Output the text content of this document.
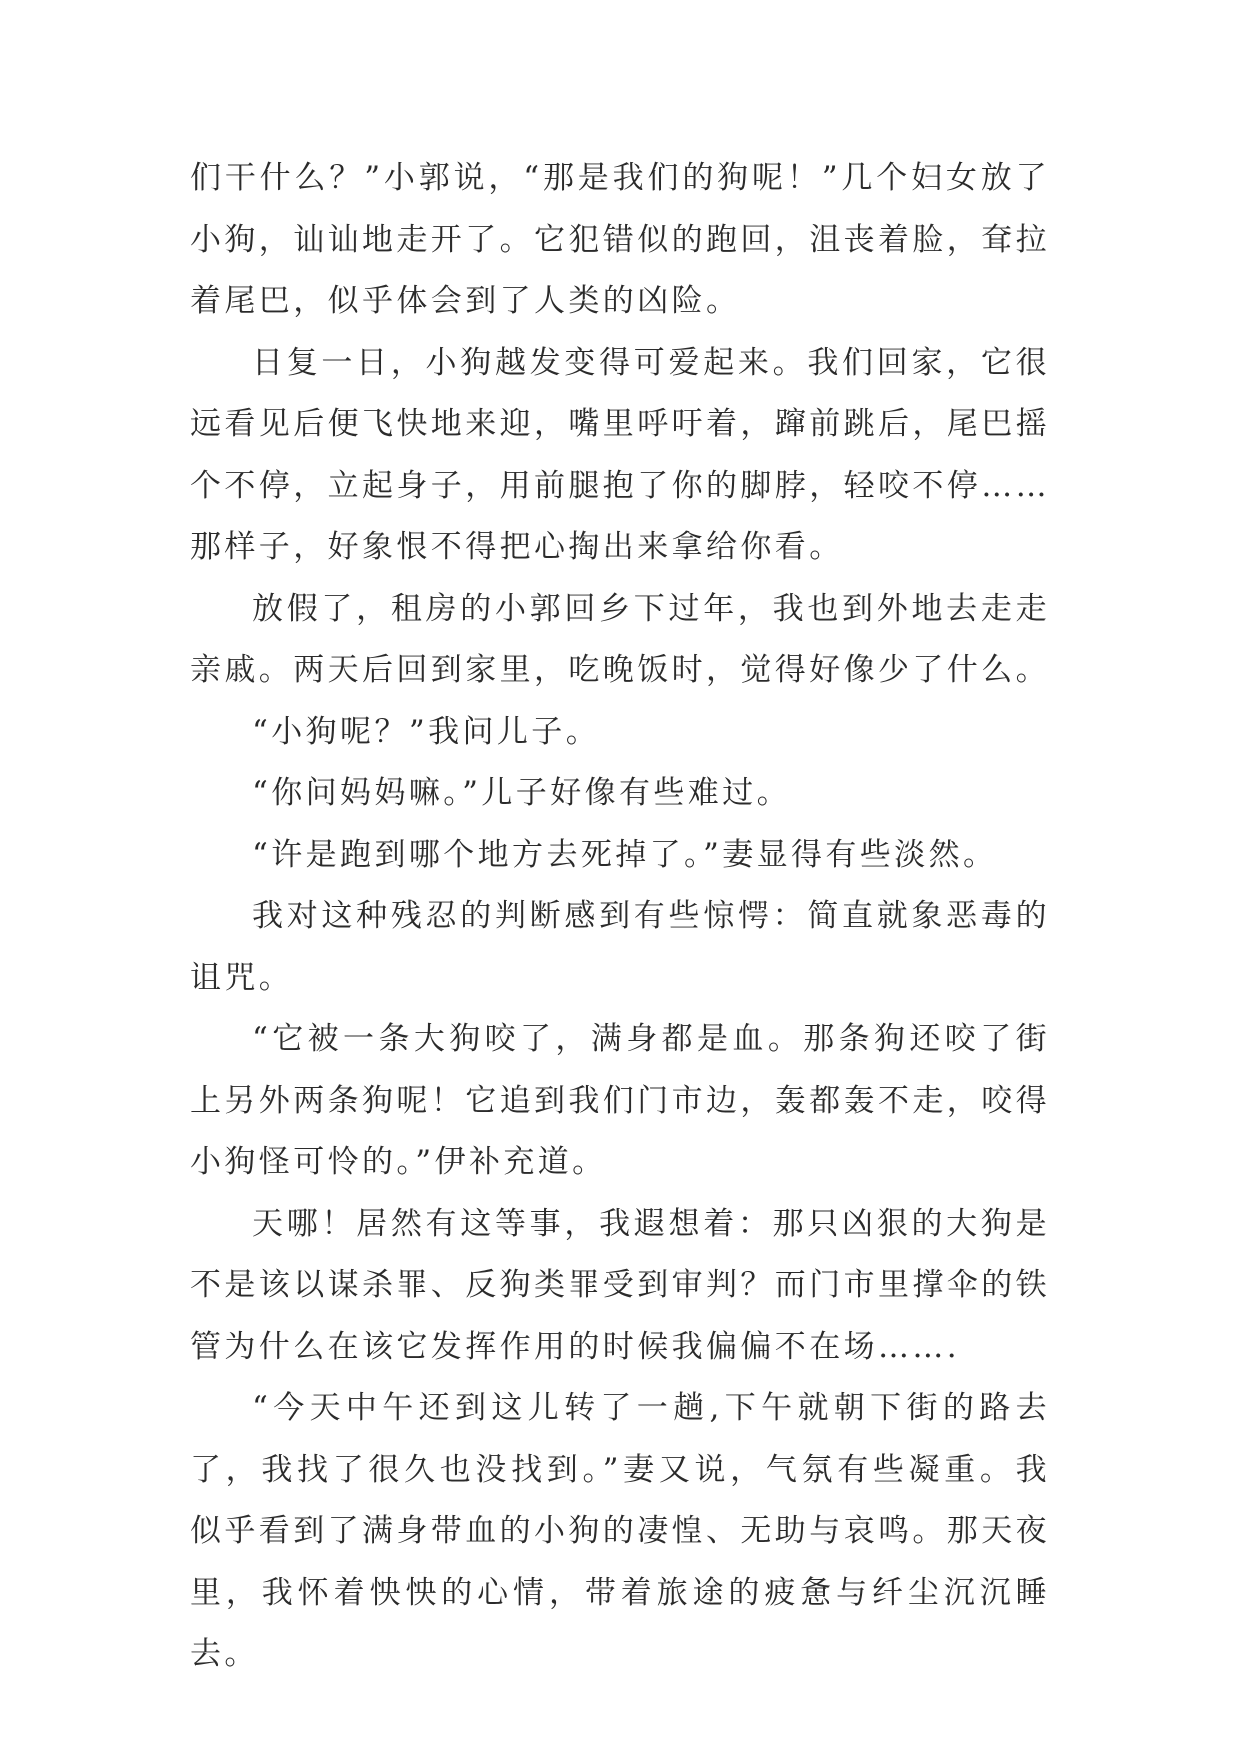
们干什么？”小郭说，“那是我们的狗呢！”几个妇女放了小狗，讪讪地走开了。它犯错似的跑回，沮丧着脸，耷拉着尾巴，似乎体会到了人类的凶险。

日复一日，小狗越发变得可爱起来。我们回家，它很远看见后便飞快地来迎，嘴里呼吁着，蹿前跳后，尾巴摇个不停，立起身子，用前腿抱了你的脚脖，轻咬不停……那样子，好象恨不得把心掏出来拿给你看。

放假了，租房的小郭回乡下过年，我也到外地去走走亲戚。两天后回到家里，吃晚饭时，觉得好像少了什么。

“小狗呢？”我问儿子。

“你问妈妈嘛。”儿子好像有些难过。

“许是跑到哪个地方去死掉了。”妻显得有些淡然。

我对这种残忍的判断感到有些惊愕：简直就象恶毒的诅咒。

“它被一条大狗咬了，满身都是血。那条狗还咬了街上另外两条狗呢！它追到我们门市边，轰都轰不走，咬得小狗怪可怜的。”伊补充道。

天哪！居然有这等事，我遐想着：那只凶狠的大狗是不是该以谋杀罪、反狗类罪受到审判？而门市里撑伞的铁管为什么在该它发挥作用的时候我偏偏不在场…….

“今天中午还到这儿转了一趟,下午就朝下街的路去了，我找了很久也没找到。”妻又说，气氛有些凝重。我似乎看到了满身带血的小狗的凄惶、无助与哀鸣。那天夜里，我怀着怏怏的心情，带着旅途的疲惫与纤尘沉沉睡去。
